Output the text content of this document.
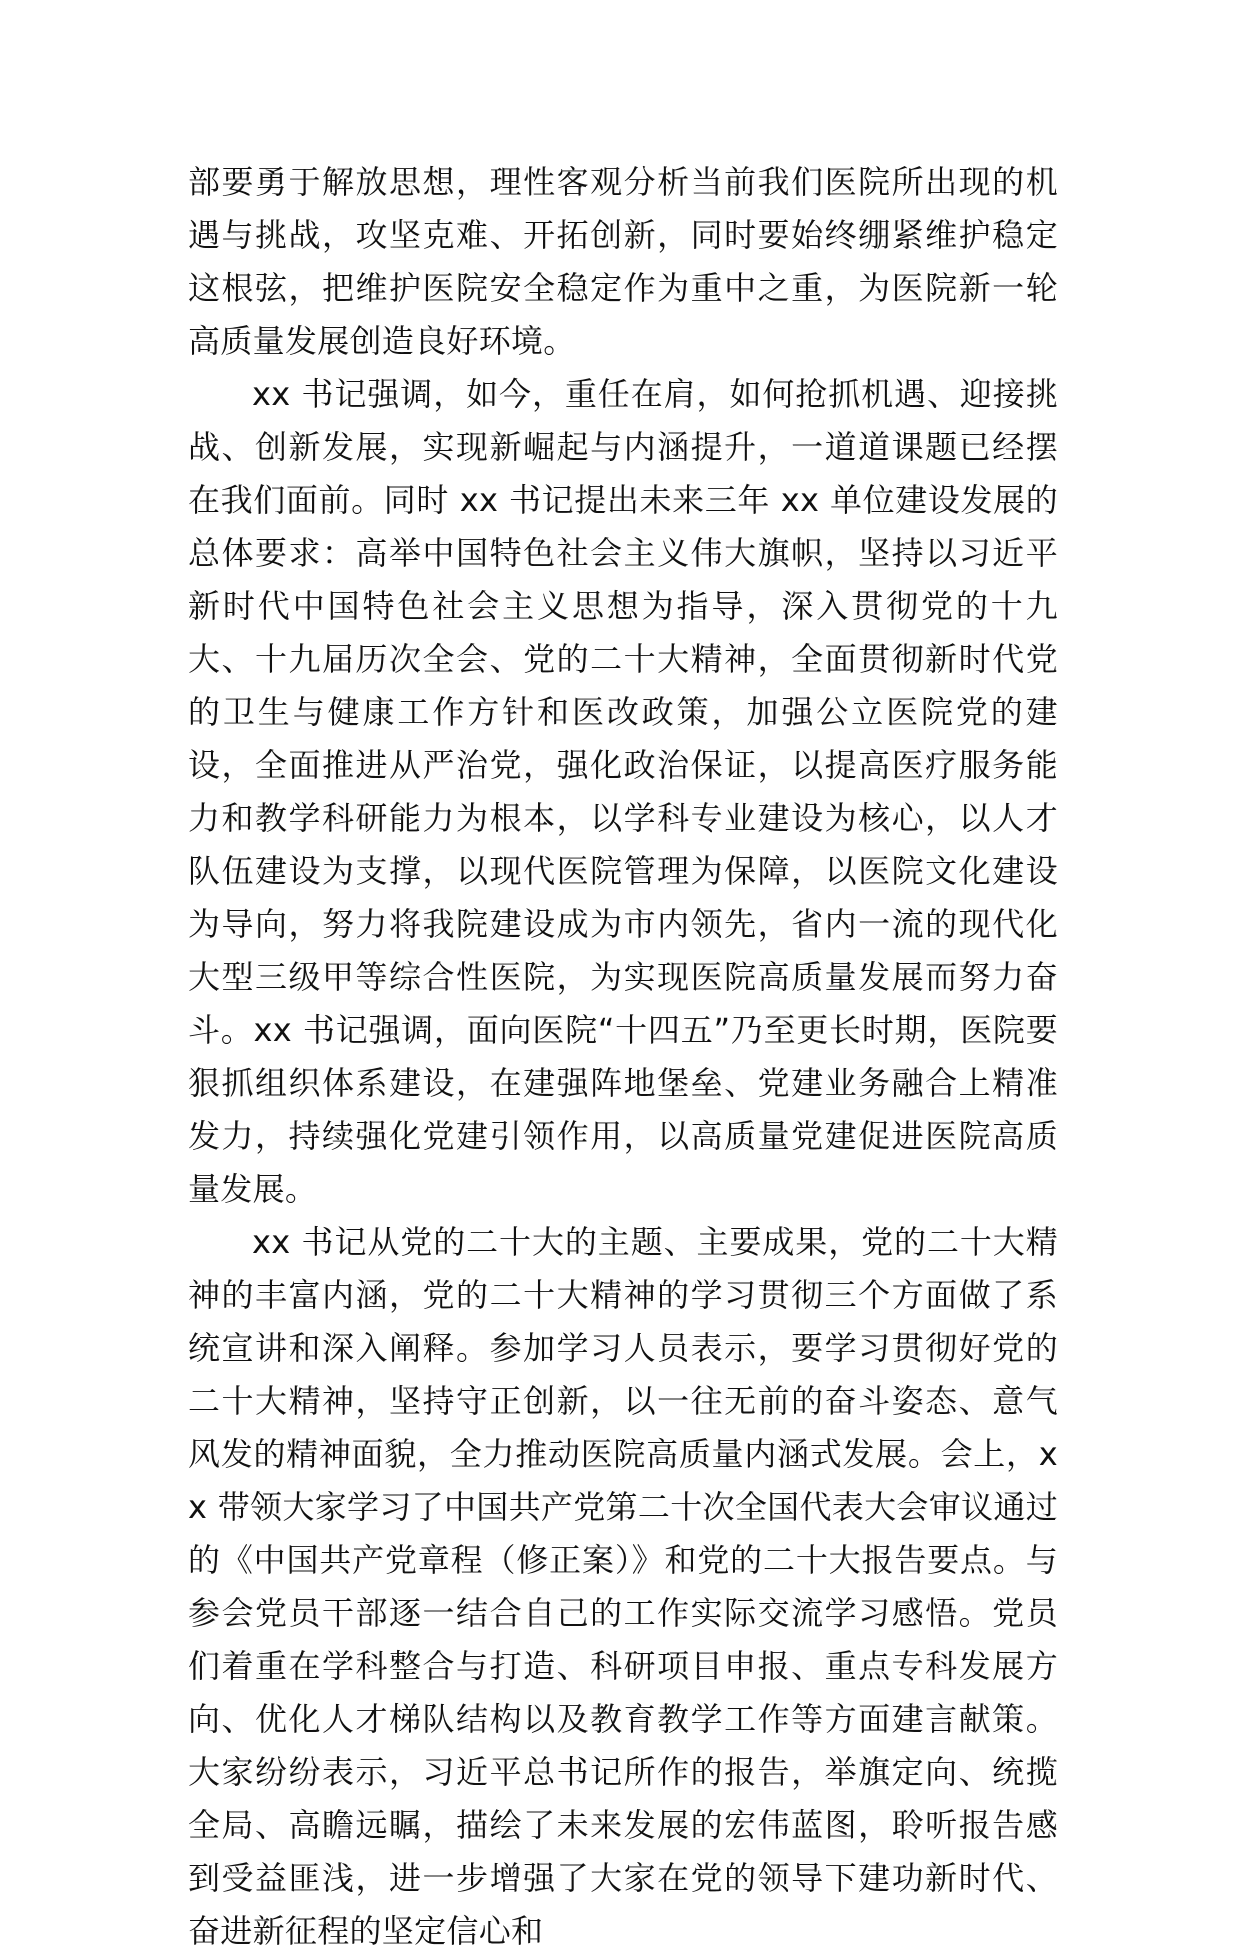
部要勇于解放思想，理性客观分析当前我们医院所出现的机遇与挑战，攻坚克难、开拓创新，同时要始终绷紧维护稳定这根弦，把维护医院安全稳定作为重中之重，为医院新一轮高质量发展创造良好环境。

xx 书记强调，如今，重任在肩，如何抢抓机遇、迎接挑战、创新发展，实现新崛起与内涵提升，一道道课题已经摆在我们面前。同时 xx 书记提出未来三年 xx 单位建设发展的总体要求：高举中国特色社会主义伟大旗帜，坚持以习近平新时代中国特色社会主义思想为指导，深入贯彻党的十九大、十九届历次全会、党的二十大精神，全面贯彻新时代党的卫生与健康工作方针和医改政策，加强公立医院党的建设，全面推进从严治党，强化政治保证，以提高医疗服务能力和教学科研能力为根本，以学科专业建设为核心，以人才队伍建设为支撑，以现代医院管理为保障，以医院文化建设为导向，努力将我院建设成为市内领先，省内一流的现代化大型三级甲等综合性医院，为实现医院高质量发展而努力奋斗。xx 书记强调，面向医院“十四五”乃至更长时期，医院要狠抓组织体系建设，在建强阵地堡垒、党建业务融合上精准发力，持续强化党建引领作用，以高质量党建促进医院高质量发展。

xx 书记从党的二十大的主题、主要成果，党的二十大精神的丰富内涵，党的二十大精神的学习贯彻三个方面做了系统宣讲和深入阐释。参加学习人员表示，要学习贯彻好党的二十大精神，坚持守正创新，以一往无前的奋斗姿态、意气风发的精神面貌，全力推动医院高质量内涵式发展。会上，xx 带领大家学习了中国共产党第二十次全国代表大会审议通过的《中国共产党章程（修正案）》和党的二十大报告要点。与参会党员干部逐一结合自己的工作实际交流学习感悟。党员们着重在学科整合与打造、科研项目申报、重点专科发展方向、优化人才梯队结构以及教育教学工作等方面建言献策。大家纷纷表示，习近平总书记所作的报告，举旗定向、统揽全局、高瞻远瞩，描绘了未来发展的宏伟蓝图，聆听报告感到受益匪浅，进一步增强了大家在党的领导下建功新时代、奋进新征程的坚定信心和
